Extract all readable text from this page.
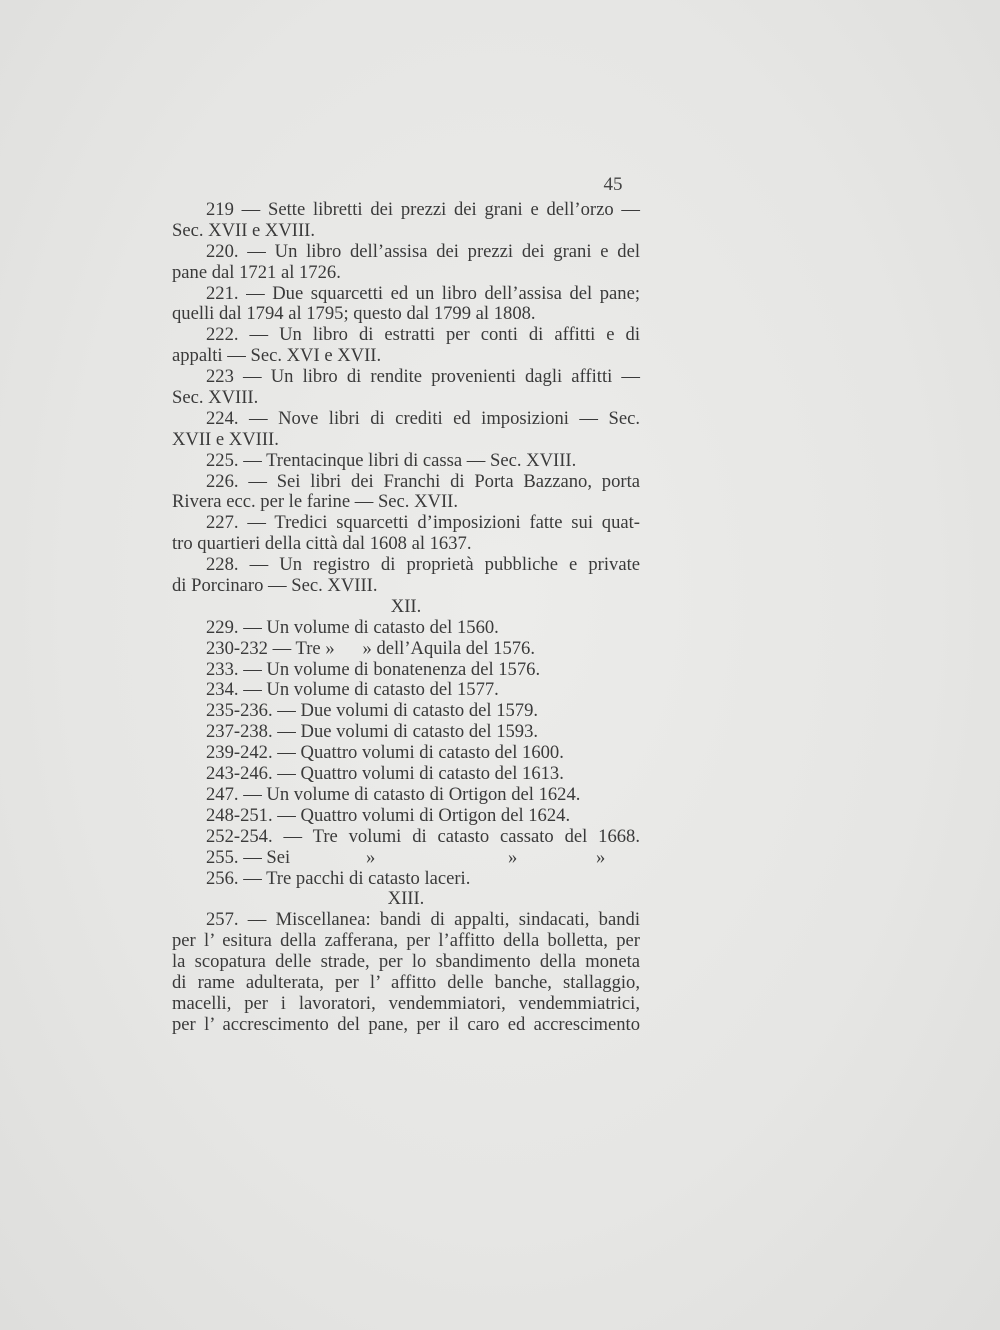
45
219 — Sette libretti dei prezzi dei grani e dell’orzo —
Sec. XVII e XVIII.
220. — Un libro dell’assisa dei prezzi dei grani e del
pane dal 1721 al 1726.
221. — Due squarcetti ed un libro dell’assisa del pane;
quelli dal 1794 al 1795; questo dal 1799 al 1808.
222. — Un libro di estratti per conti di affitti e di
appalti — Sec. XVI e XVII.
223 — Un libro di rendite provenienti dagli affitti —
Sec. XVIII.
224. — Nove libri di crediti ed imposizioni — Sec.
XVII e XVIII.
225. — Trentacinque libri di cassa — Sec. XVIII.
226. — Sei libri dei Franchi di Porta Bazzano, porta
Rivera ecc. per le farine — Sec. XVII.
227. — Tredici squarcetti d’imposizioni fatte sui quat-
tro quartieri della città dal 1608 al 1637.
228. — Un registro di proprietà pubbliche e private
di Porcinaro — Sec. XVIII.
XII.
229. — Un volume di catasto del 1560.
230-232 — Tre »      » dell’Aquila del 1576.
233. — Un volume di bonatenenza del 1576.
234. — Un volume di catasto del 1577.
235-236. — Due volumi di catasto del 1579.
237-238. — Due volumi di catasto del 1593.
239-242. — Quattro volumi di catasto del 1600.
243-246. — Quattro volumi di catasto del 1613.
247. — Un volume di catasto di Ortigon del 1624.
248-251. — Quattro volumi di Ortigon del 1624.
252-254. — Tre volumi di catasto cassato del 1668.
255. — Sei	»	»	»
256. — Tre pacchi di catasto laceri.
XIII.
257. — Miscellanea: bandi di appalti, sindacati, bandi
per l’ esitura della zafferana, per l’affitto della bolletta, per
la scopatura delle strade, per lo sbandimento della moneta
di rame adulterata, per l’ affitto delle banche, stallaggio,
macelli, per i lavoratori, vendemmiatori, vendemmiatrici,
per l’ accrescimento del pane, per il caro ed accrescimento
